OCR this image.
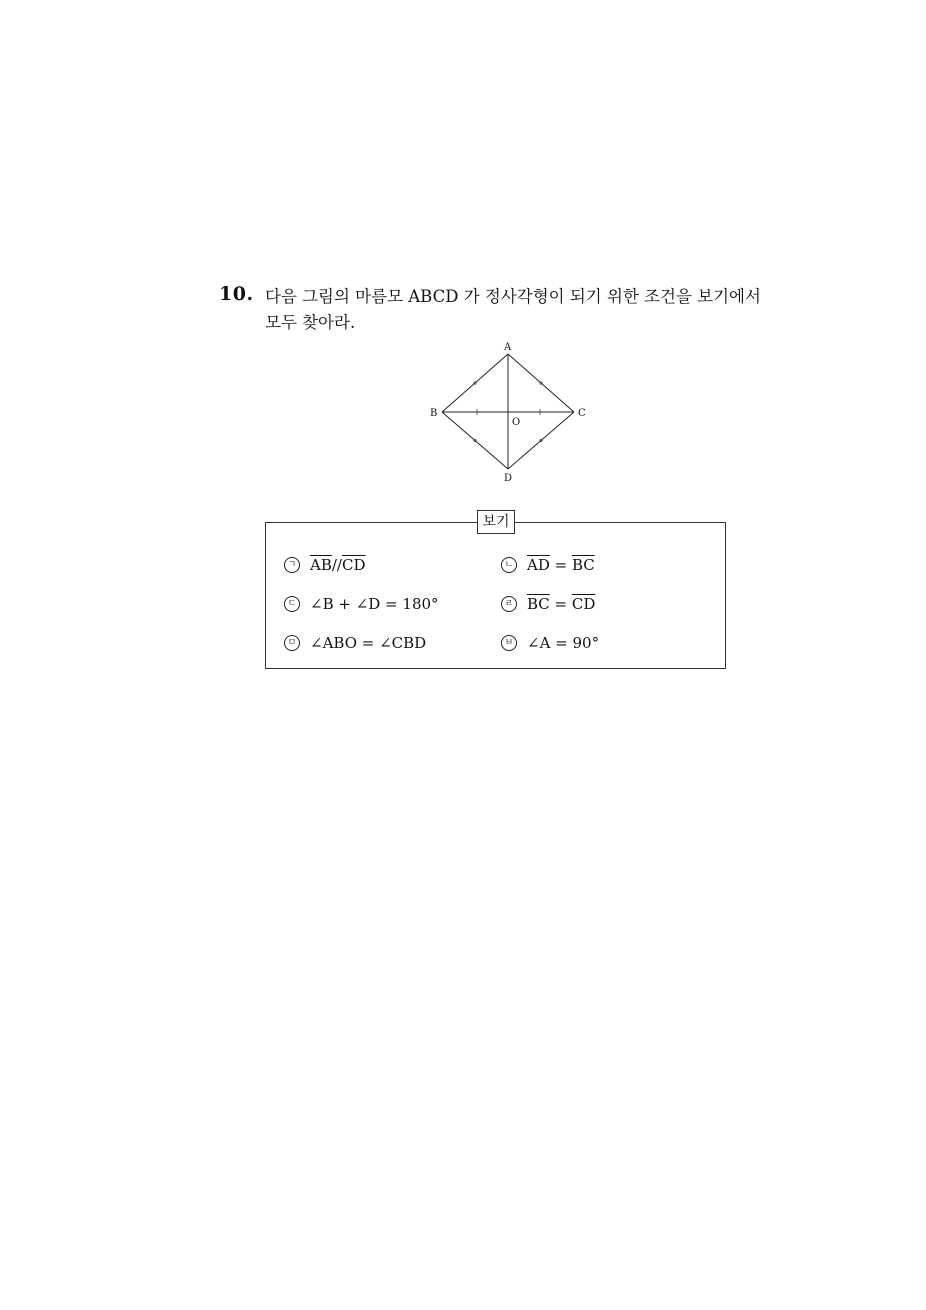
10. 다음 그림의 마름모 ABCD 가 정사각형이 되기 위한 조건을 보기에서
모두 찾아라.
A
B	C
D
O
보기
ㄱ $\overline{AB} // \overline{CD}$	ㄴ $\overline{AD} = \overline{BC}$
ㄷ ∠B + ∠D = 180°	ㄹ $\overline{BC} = \overline{CD}$
ㅁ ∠ABO = ∠CBD	ㅂ ∠A = 90°
